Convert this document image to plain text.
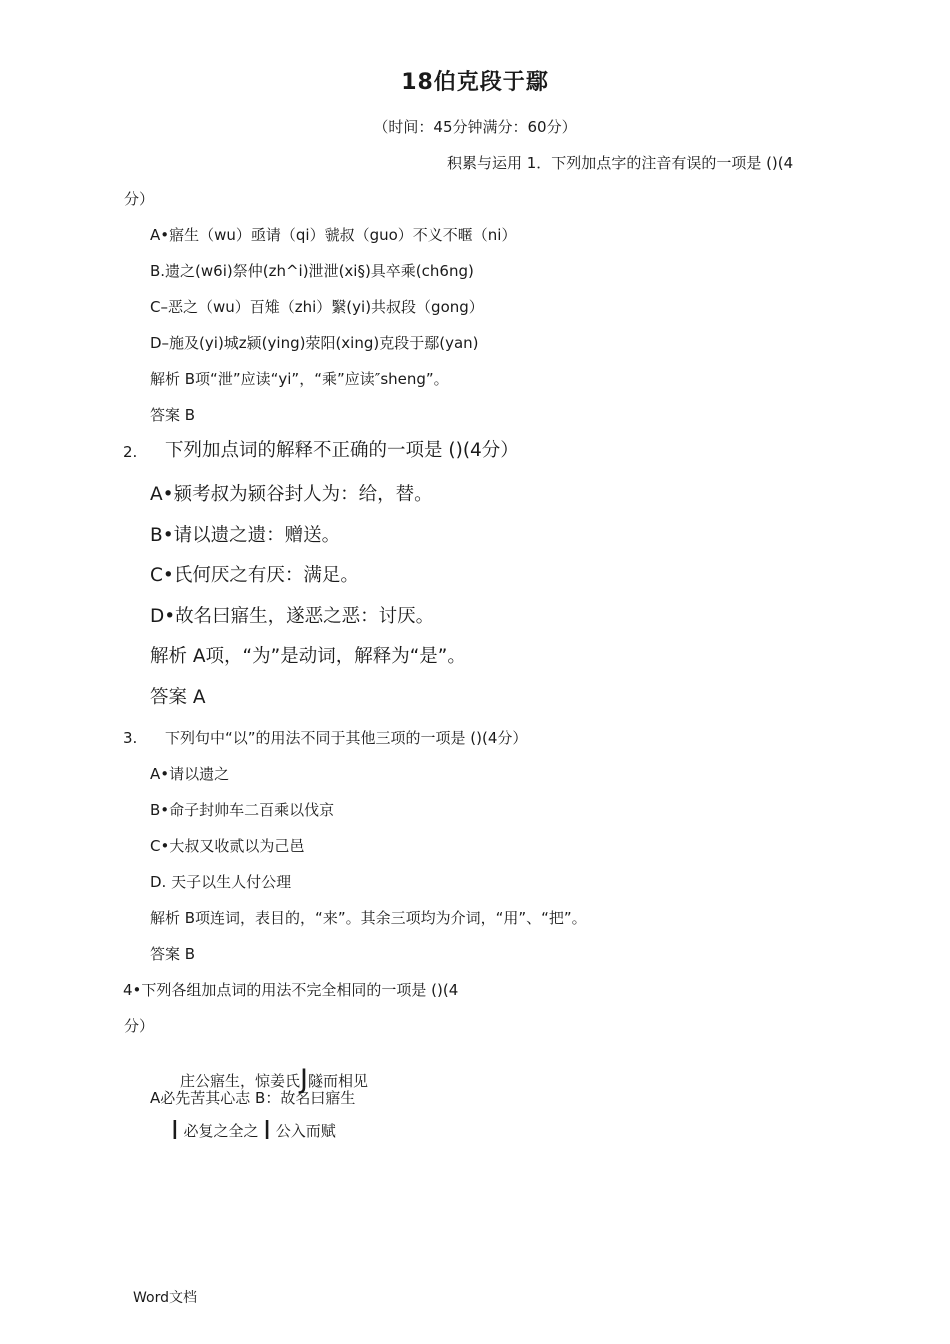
18伯克段于鄢
（时间：45分钟满分：60分）
积累与运用 1．下列加点字的注音有误的一项是 ()(4
分）
A•寤生（wu）亟请（qi）虢叔（guo）不义不暱（ni）
B.遗之(w6i)祭仲(zh^i)泄泄(xi§)具卒乘(ch6ng)
C–恶之（wu）百雉（zhi）繄(yi)共叔段（gong）
D–施及(yi)城z颍(ying)荥阳(xing)克段于鄢(yan)
解析 B项“泄”应读“yi”，“乘”应读″sheng”。
答案 B
2. 下列加点词的解释不正确的一项是 ()(4分）
A•颍考叔为颍谷封人为：给，替。
B•请以遗之遗：赠送。
C•氏何厌之有厌：满足。
D•故名曰寤生，遂恶之恶：讨厌。
解析 A项，“为”是动词，解释为“是”。
答案 A
3. 下列句中“以”的用法不同于其他三项的一项是 ()(4分）
A•请以遗之
B•命子封帅车二百乘以伐京
C•大叔又收贰以为己邑
D. 天子以生人付公理
解析 B项连词，表目的，“来”。其余三项均为介词，“用”、“把”。
答案 B
4•下列各组加点词的用法不完全相同的一项是 ()(4
分）
庄公寤生，惊姜氏J隧而相见
A必先苦其心志 B：故名曰寤生
I 必复之全之 I 公入而赋
Word文档
